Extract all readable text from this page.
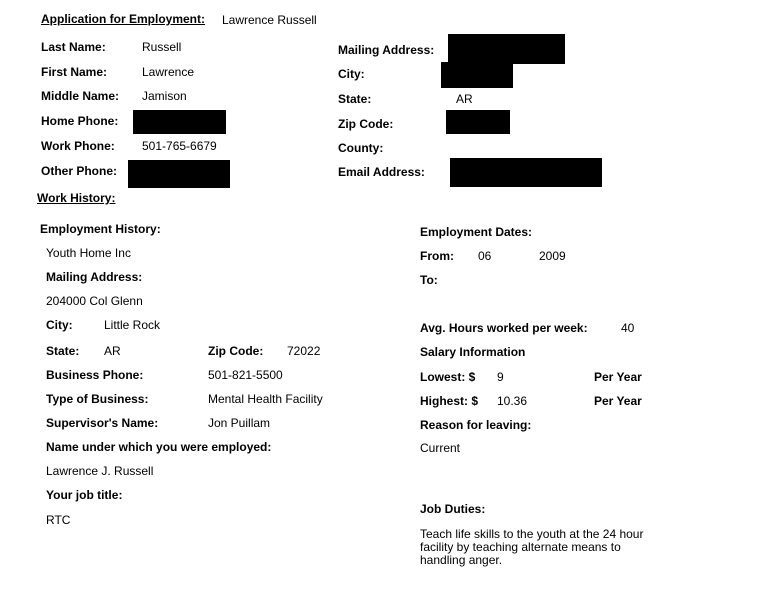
Application for Employment: Lawrence Russell
Last Name:	Russell
First Name:	Lawrence
Middle Name: Jamison
Home Phone:
Work Phone: 501-765-6679
Other Phone:
Mailing Address:
City:
State:	AR
Zip Code:
County:
Email Address:
Work History:
Employment History:
Youth Home Inc
Mailing Address:
204000 Col Glenn
City:	Little Rock
State: AR	Zip Code: 72022
Business Phone:	501-821-5500
Type of Business:	Mental Health Facility
Supervisor's Name:	Jon Puillam
Name under which you were employed:
Lawrence J. Russell
Your job title:
RTC
Employment Dates:
From: 06	2009
To:
Avg. Hours worked per week:	40
Salary Information
Lowest: $ 9	Per Year
Highest: $ 10.36	Per Year
Reason for leaving:
Current
Job Duties:
Teach life skills to the youth at the 24 hour facility by teaching alternate means to handling anger.
